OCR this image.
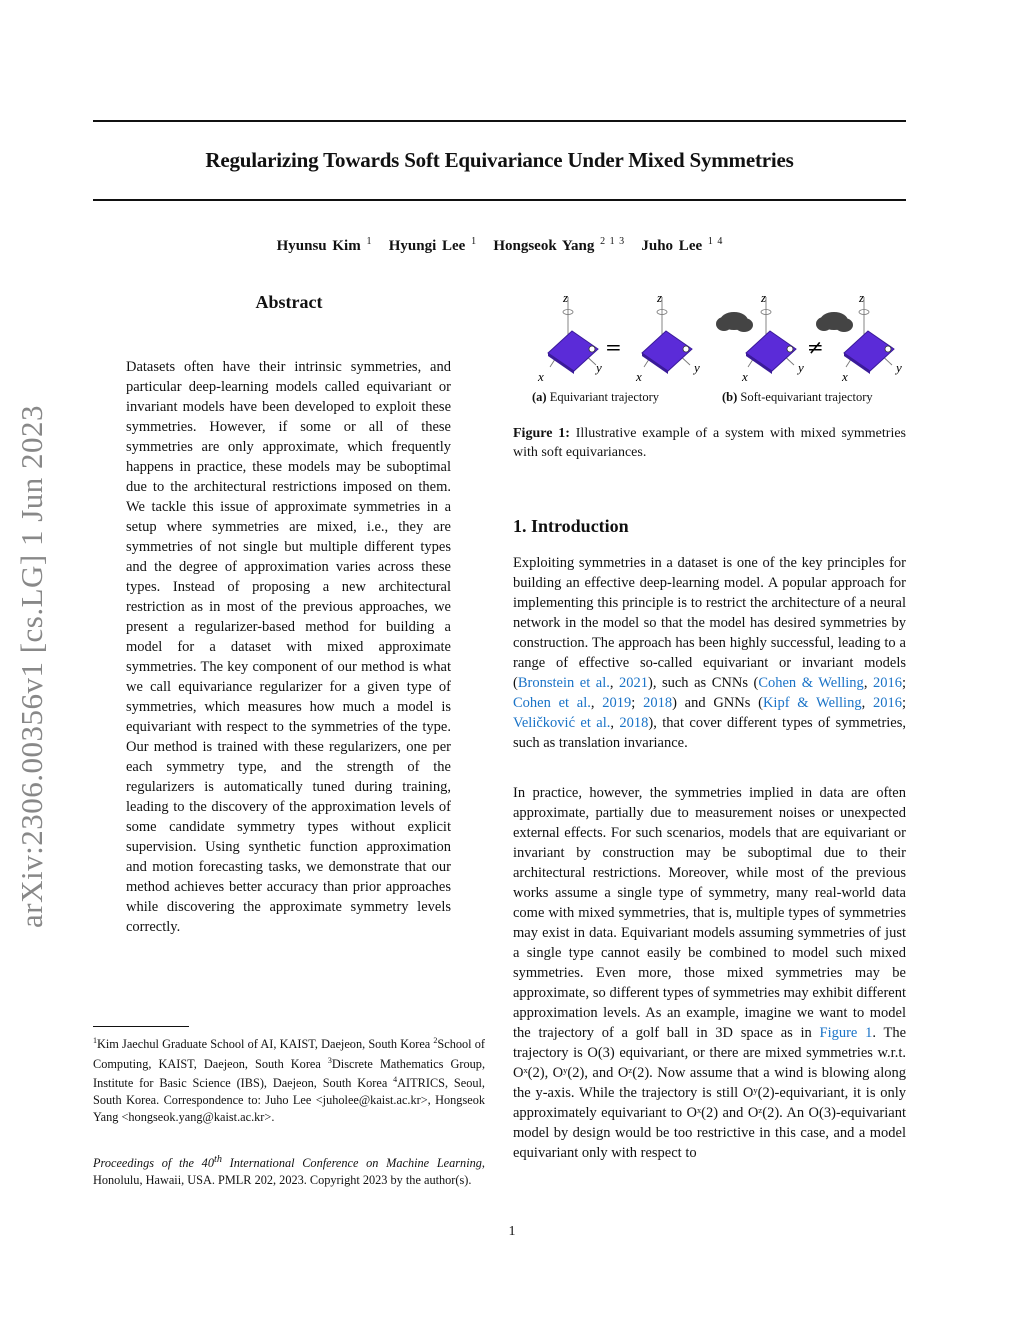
arXiv:2306.00356v1 [cs.LG] 1 Jun 2023
Regularizing Towards Soft Equivariance Under Mixed Symmetries
Hyunsu Kim $^1$ Hyungi Lee $^1$ Hongseok Yang $^{2 1 3}$ Juho Lee $^{1 4}$
Abstract
Datasets often have their intrinsic symmetries, and particular deep-learning models called equivariant or invariant models have been developed to exploit these symmetries. However, if some or all of these symmetries are only approximate, which frequently happens in practice, these models may be suboptimal due to the architectural restrictions imposed on them. We tackle this issue of approximate symmetries in a setup where symmetries are mixed, i.e., they are symmetries of not single but multiple different types and the degree of approximation varies across these types. Instead of proposing a new architectural restriction as in most of the previous approaches, we present a regularizer-based method for building a model for a dataset with mixed approximate symmetries. The key component of our method is what we call equivariance regularizer for a given type of symmetries, which measures how much a model is equivariant with respect to the symmetries of the type. Our method is trained with these regularizers, one per each symmetry type, and the strength of the regularizers is automatically tuned during training, leading to the discovery of the approximation levels of some candidate symmetry types without explicit supervision. Using synthetic function approximation and motion forecasting tasks, we demonstrate that our method achieves better accuracy than prior approaches while discovering the approximate symmetry levels correctly.
$^1$Kim Jaechul Graduate School of AI, KAIST, Daejeon, South Korea $^2$School of Computing, KAIST, Daejeon, South Korea $^3$Discrete Mathematics Group, Institute for Basic Science (IBS), Daejeon, South Korea $^4$AITRICS, Seoul, South Korea. Correspondence to: Juho Lee <juholee@kaist.ac.kr>, Hongseok Yang <hongseok.yang@kaist.ac.kr>.
Proceedings of the 40th International Conference on Machine Learning, Honolulu, Hawaii, USA. PMLR 202, 2023. Copyright 2023 by the author(s).
z	z	z	z
x	x	x	x
y	y	y	y
=	≠
(a) Equivariant trajectory	(b) Soft-equivariant trajectory
Figure 1: Illustrative example of a system with mixed symmetries with soft equivariances.
1. Introduction
Exploiting symmetries in a dataset is one of the key principles for building an effective deep-learning model. A popular approach for implementing this principle is to restrict the architecture of a neural network in the model so that the model has desired symmetries by construction. The approach has been highly successful, leading to a range of effective so-called equivariant or invariant models (Bronstein et al., 2021), such as CNNs (Cohen & Welling, 2016; Cohen et al., 2019; 2018) and GNNs (Kipf & Welling, 2016; Veličković et al., 2018), that cover different types of symmetries, such as translation invariance.
In practice, however, the symmetries implied in data are often approximate, partially due to measurement noises or unexpected external effects. For such scenarios, models that are equivariant or invariant by construction may be suboptimal due to their architectural restrictions. Moreover, while most of the previous works assume a single type of symmetry, many real-world data come with mixed symmetries, that is, multiple types of symmetries may exist in data. Equivariant models assuming symmetries of just a single type cannot easily be combined to model such mixed symmetries. Even more, those mixed symmetries may be approximate, so different types of symmetries may exhibit different approximation levels. As an example, imagine we want to model the trajectory of a golf ball in 3D space as in Figure 1. The trajectory is O(3) equivariant, or there are mixed symmetries w.r.t. Oˣ(2), Oʸ(2), and Oᶻ(2). Now assume that a wind is blowing along the y-axis. While the trajectory is still Oʸ(2)-equivariant, it is only approximately equivariant to Oˣ(2) and Oᶻ(2). An O(3)-equivariant model by design would be too restrictive in this case, and a model equivariant only with respect to
1
